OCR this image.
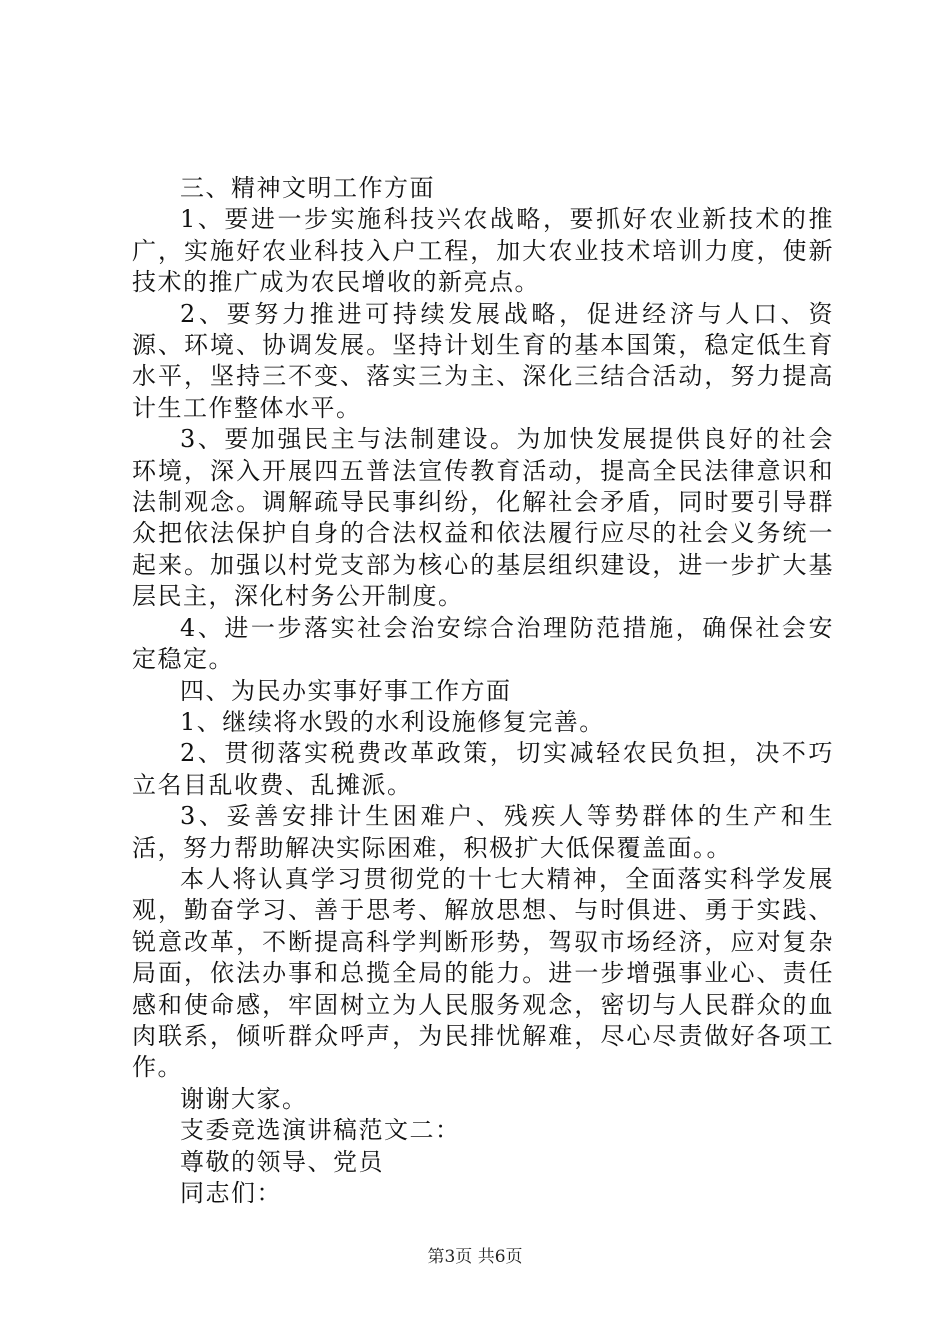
三、精神文明工作方面

1、要进一步实施科技兴农战略，要抓好农业新技术的推广，实施好农业科技入户工程，加大农业技术培训力度，使新技术的推广成为农民增收的新亮点。

2、要努力推进可持续发展战略，促进经济与人口、资源、环境、协调发展。坚持计划生育的基本国策，稳定低生育水平，坚持三不变、落实三为主、深化三结合活动，努力提高计生工作整体水平。

3、要加强民主与法制建设。为加快发展提供良好的社会环境，深入开展四五普法宣传教育活动，提高全民法律意识和法制观念。调解疏导民事纠纷，化解社会矛盾，同时要引导群众把依法保护自身的合法权益和依法履行应尽的社会义务统一起来。加强以村党支部为核心的基层组织建设，进一步扩大基层民主，深化村务公开制度。

4、进一步落实社会治安综合治理防范措施，确保社会安定稳定。

四、为民办实事好事工作方面

1、继续将水毁的水利设施修复完善。

2、贯彻落实税费改革政策，切实减轻农民负担，决不巧立名目乱收费、乱摊派。

3、妥善安排计生困难户、残疾人等势群体的生产和生活，努力帮助解决实际困难，积极扩大低保覆盖面。。

本人将认真学习贯彻党的十七大精神，全面落实科学发展观，勤奋学习、善于思考、解放思想、与时俱进、勇于实践、锐意改革，不断提高科学判断形势，驾驭市场经济，应对复杂局面，依法办事和总揽全局的能力。进一步增强事业心、责任感和使命感，牢固树立为人民服务观念，密切与人民群众的血肉联系，倾听群众呼声，为民排忧解难，尽心尽责做好各项工作。

谢谢大家。

支委竞选演讲稿范文二：

尊敬的领导、党员

同志们：

第3页 共6页
